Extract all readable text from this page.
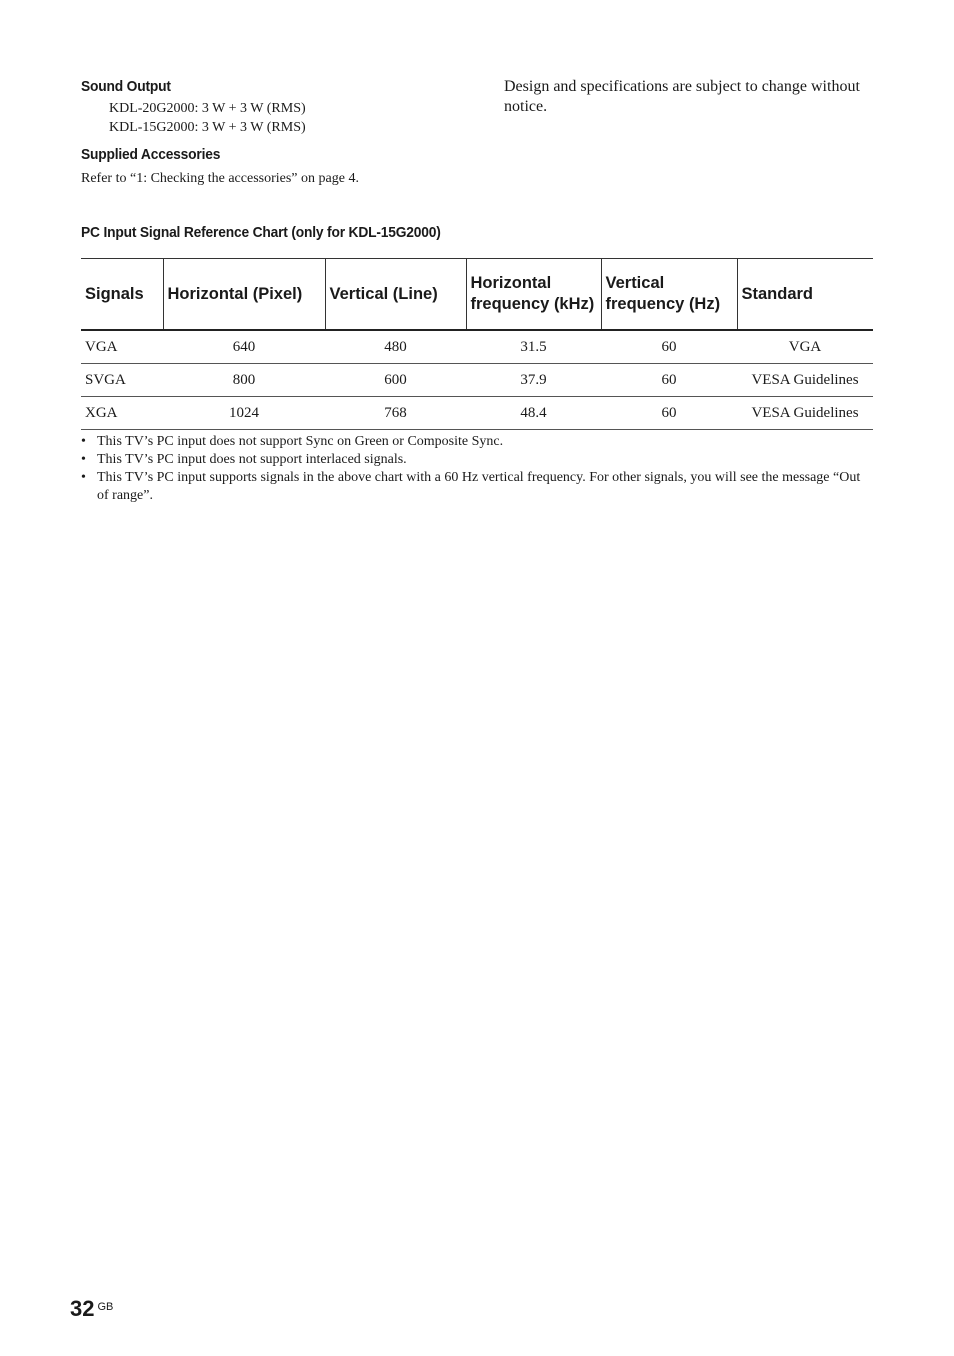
Sound Output
KDL-20G2000: 3 W + 3 W (RMS)
KDL-15G2000: 3 W + 3 W (RMS)
Supplied Accessories
Refer to “1: Checking the accessories” on page 4.
Design and specifications are subject to change without notice.
PC Input Signal Reference Chart (only for KDL-15G2000)
Signals	Horizontal (Pixel)	Vertical (Line)	Horizontal frequency (kHz)	Vertical frequency (Hz)	Standard
VGA	640	480	31.5	60	VGA
SVGA	800	600	37.9	60	VESA Guidelines
XGA	1024	768	48.4	60	VESA Guidelines
• This TV’s PC input does not support Sync on Green or Composite Sync.
• This TV’s PC input does not support interlaced signals.
• This TV’s PC input supports signals in the above chart with a 60 Hz vertical frequency. For other signals, you will see the message “Out of range”.
32 $^{GB}$
